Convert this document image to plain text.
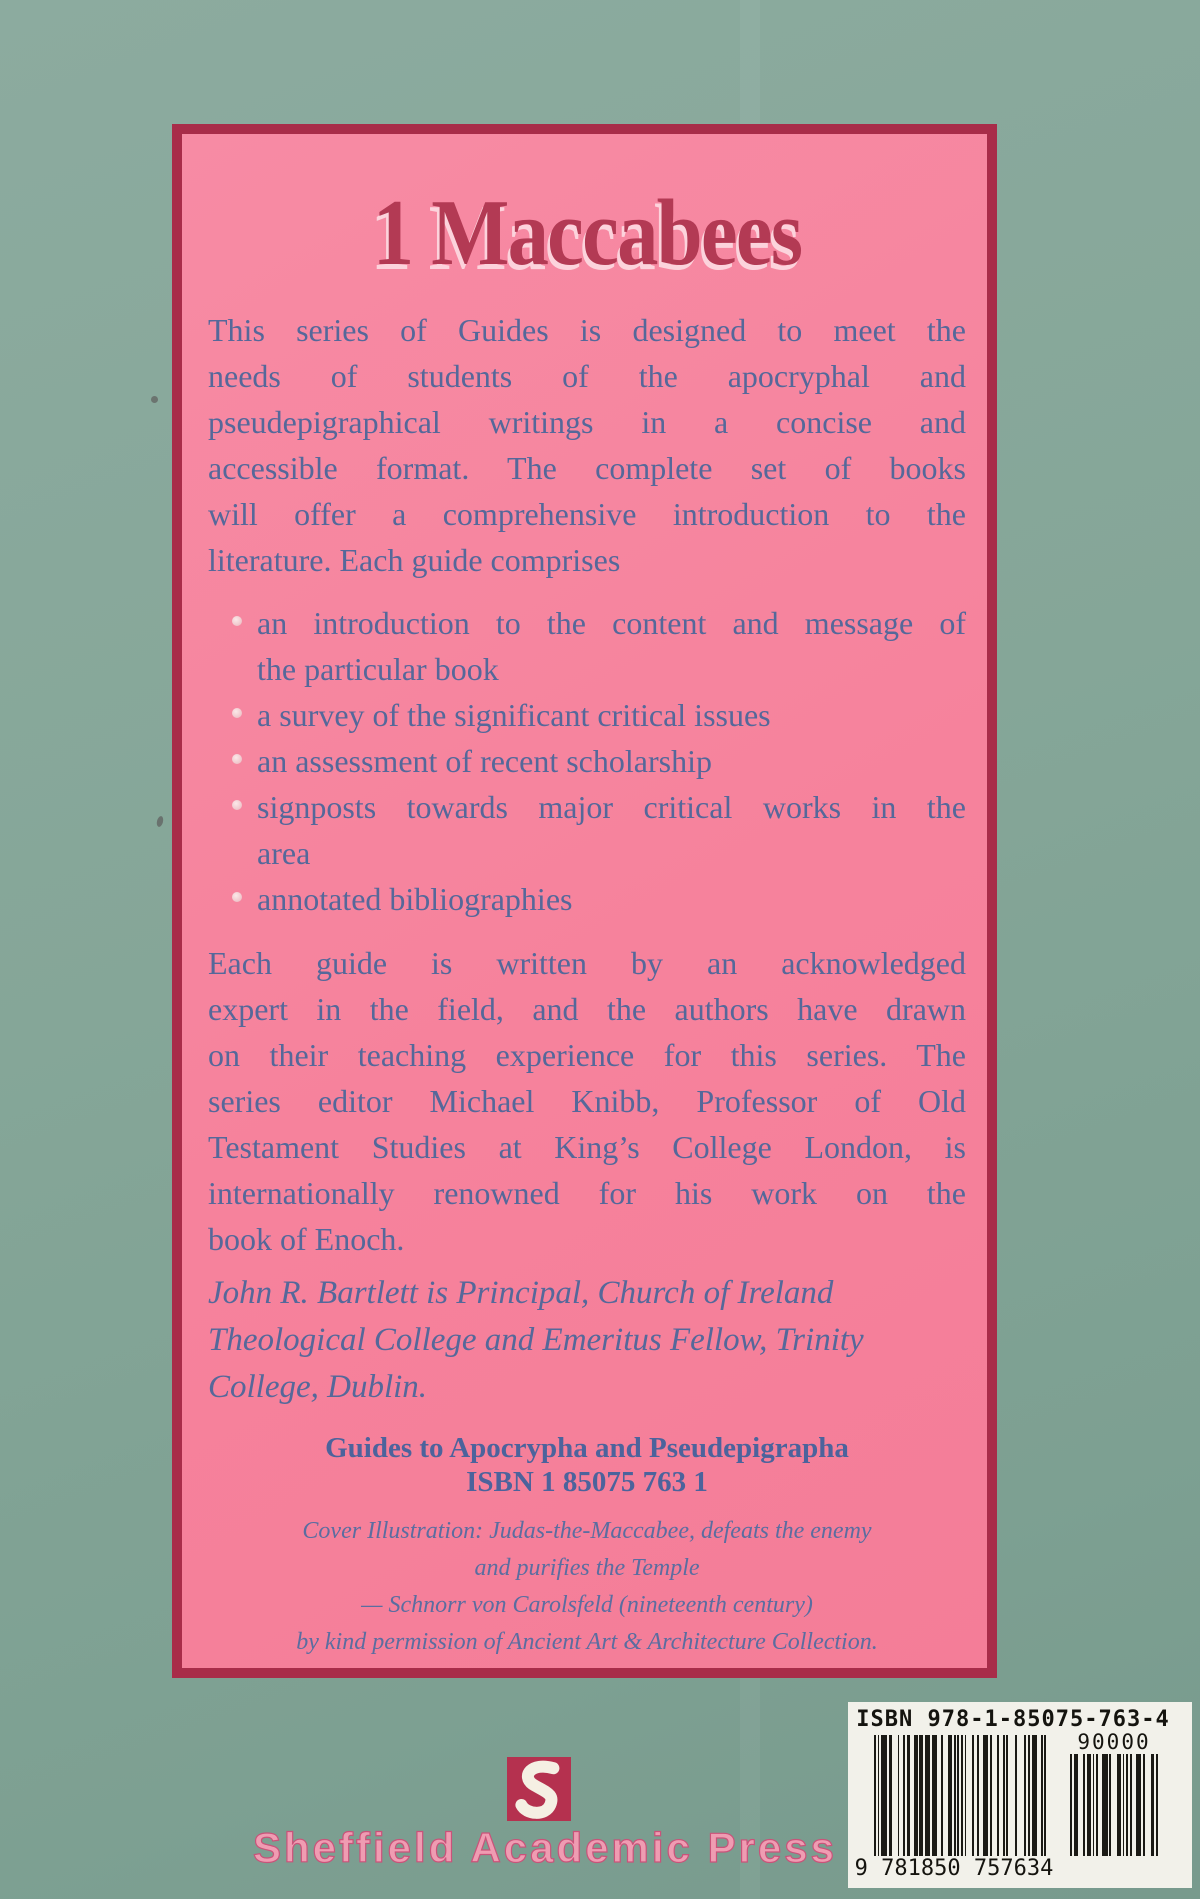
1 Maccabees
This series of Guides is designed to meet the
needs of students of the apocryphal and
pseudepigraphical writings in a concise and
accessible format. The complete set of books
will offer a comprehensive introduction to the
literature. Each guide comprises
an introduction to the content and message of
the particular book
a survey of the significant critical issues
an assessment of recent scholarship
signposts towards major critical works in the
area
annotated bibliographies
Each guide is written by an acknowledged
expert in the field, and the authors have drawn
on their teaching experience for this series. The
series editor Michael Knibb, Professor of Old
Testament Studies at King’s College London, is
internationally renowned for his work on the
book of Enoch.
John R. Bartlett is Principal, Church of Ireland
Theological College and Emeritus Fellow, Trinity
College, Dublin.
Guides to Apocrypha and Pseudepigrapha
ISBN 1 85075 763 1
Cover Illustration: Judas-the-Maccabee, defeats the enemy
and purifies the Temple
— Schnorr von Carolsfeld (nineteenth century)
by kind permission of Ancient Art & Architecture Collection.
Sheffield Academic Press
ISBN 978-1-85075-763-4
9 781850 757634
90000
